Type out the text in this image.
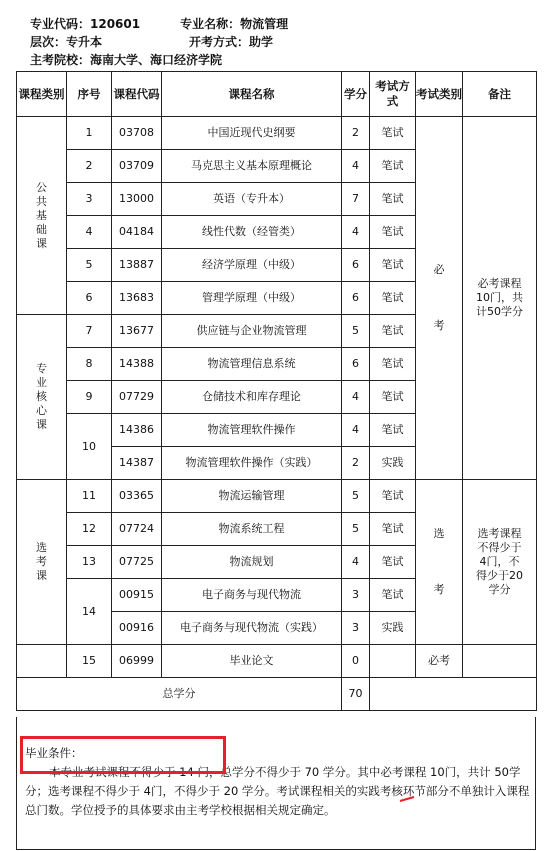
专业代码：120601	专业名称：物流管理
层次：专升本	开考方式：助学
主考院校：海南大学、海口经济学院
课程类别	序号	课程代码	课程名称	学分	考试方式	考试类别	备注

公共基础课	1	03708	中国近现代史纲要	2	笔试	必考	必考课程10门，共计50学分

	2	03709	马克思主义基本原理概论	4	笔试		
	3	13000	英语（专升本）	7	笔试		
	4	04184	线性代数（经管类）	4	笔试		
	5	13887	经济学原理（中级）	6	笔试		
	6	13683	管理学原理（中级）	6	笔试		

专业核心课	7	13677	供应链与企业物流管理	5	笔试		
	8	14388	物流管理信息系统	6	笔试		
	9	07729	仓储技术和库存理论	4	笔试		
	10	14386	物流管理软件操作	4	笔试		
		14387	物流管理软件操作（实践）	2	实践		

选考课	11	03365	物流运输管理	5	笔试	选考	选考课程不得少于4门，不得少于20学分

	12	07724	物流系统工程	5	笔试		
	13	07725	物流规划	4	笔试		
	14	00915	电子商务与现代物流	3	笔试		
		00916	电子商务与现代物流（实践）	3	实践		
	15	06999	毕业论文	0		必考	
总学分				70			

毕业条件：

本专业考试课程不得少于 14 门，总学分不得少于 70 学分。其中必考课程 10门，共计 50学分；选考课程不得少于 4门，不得少于 20 学分。考试课程相关的实践考核环节部分不单独计入课程总门数。学位授予的具体要求由主考学校根据相关规定确定。
